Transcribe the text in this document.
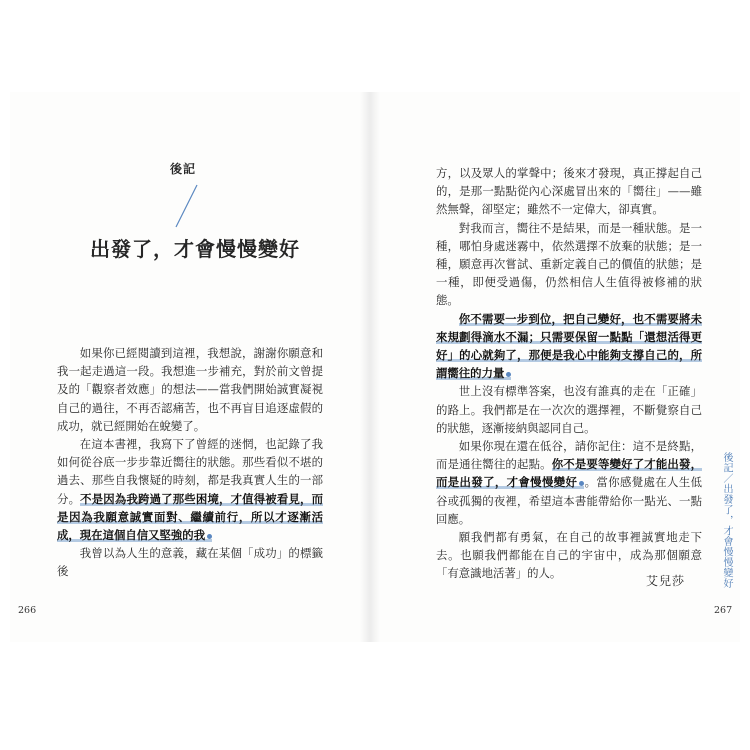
後記
出發了，才會慢慢變好

如果你已經閱讀到這裡，我想說，謝謝你願意和我一起走過這一段。我想進一步補充，對於前文曾提及的「觀察者效應」的想法——當我們開始誠實凝視自己的過往，不再否認痛苦，也不再盲目追逐虛假的成功，就已經開始在蛻變了。

在這本書裡，我寫下了曾經的迷惘，也記錄了我如何從谷底一步步靠近嚮往的狀態。那些看似不堪的過去、那些自我懷疑的時刻，都是我真實人生的一部分。不是因為我跨過了那些困境，才值得被看見，而是因為我願意誠實面對、繼續前行，所以才逐漸活成，現在這個自信又堅強的我

我曾以為人生的意義，藏在某個「成功」的標籤後

方，以及眾人的掌聲中；後來才發現，真正撐起自己的，是那一點點從內心深處冒出來的「嚮往」——雖然無聲，卻堅定；雖然不一定偉大，卻真實。

對我而言，嚮往不是結果，而是一種狀態。是一種，哪怕身處迷霧中，依然選擇不放棄的狀態；是一種，願意再次嘗試、重新定義自己的價值的狀態；是一種，即便受過傷，仍然相信人生值得被修補的狀態。

你不需要一步到位，把自己變好，也不需要將未來規劃得滴水不漏；只需要保留一點點「還想活得更好」的心就夠了，那便是我心中能夠支撐自己的，所謂嚮往的力量

世上沒有標準答案，也沒有誰真的走在「正確」的路上。我們都是在一次次的選擇裡，不斷覺察自己的狀態，逐漸接納與認同自己。

如果你現在還在低谷，請你記住：這不是終點，而是通往嚮往的起點。你不是要等變好了才能出發，而是出發了，才會慢慢變好 。當你感覺處在人生低谷或孤獨的夜裡，希望這本書能帶給你一點光、一點回應。

願我們都有勇氣，在自己的故事裡誠實地走下去。也願我們都能在自己的宇宙中，成為那個願意「有意識地活著」的人。

艾兒莎
266	267
後記／出發了，才會慢慢變好
